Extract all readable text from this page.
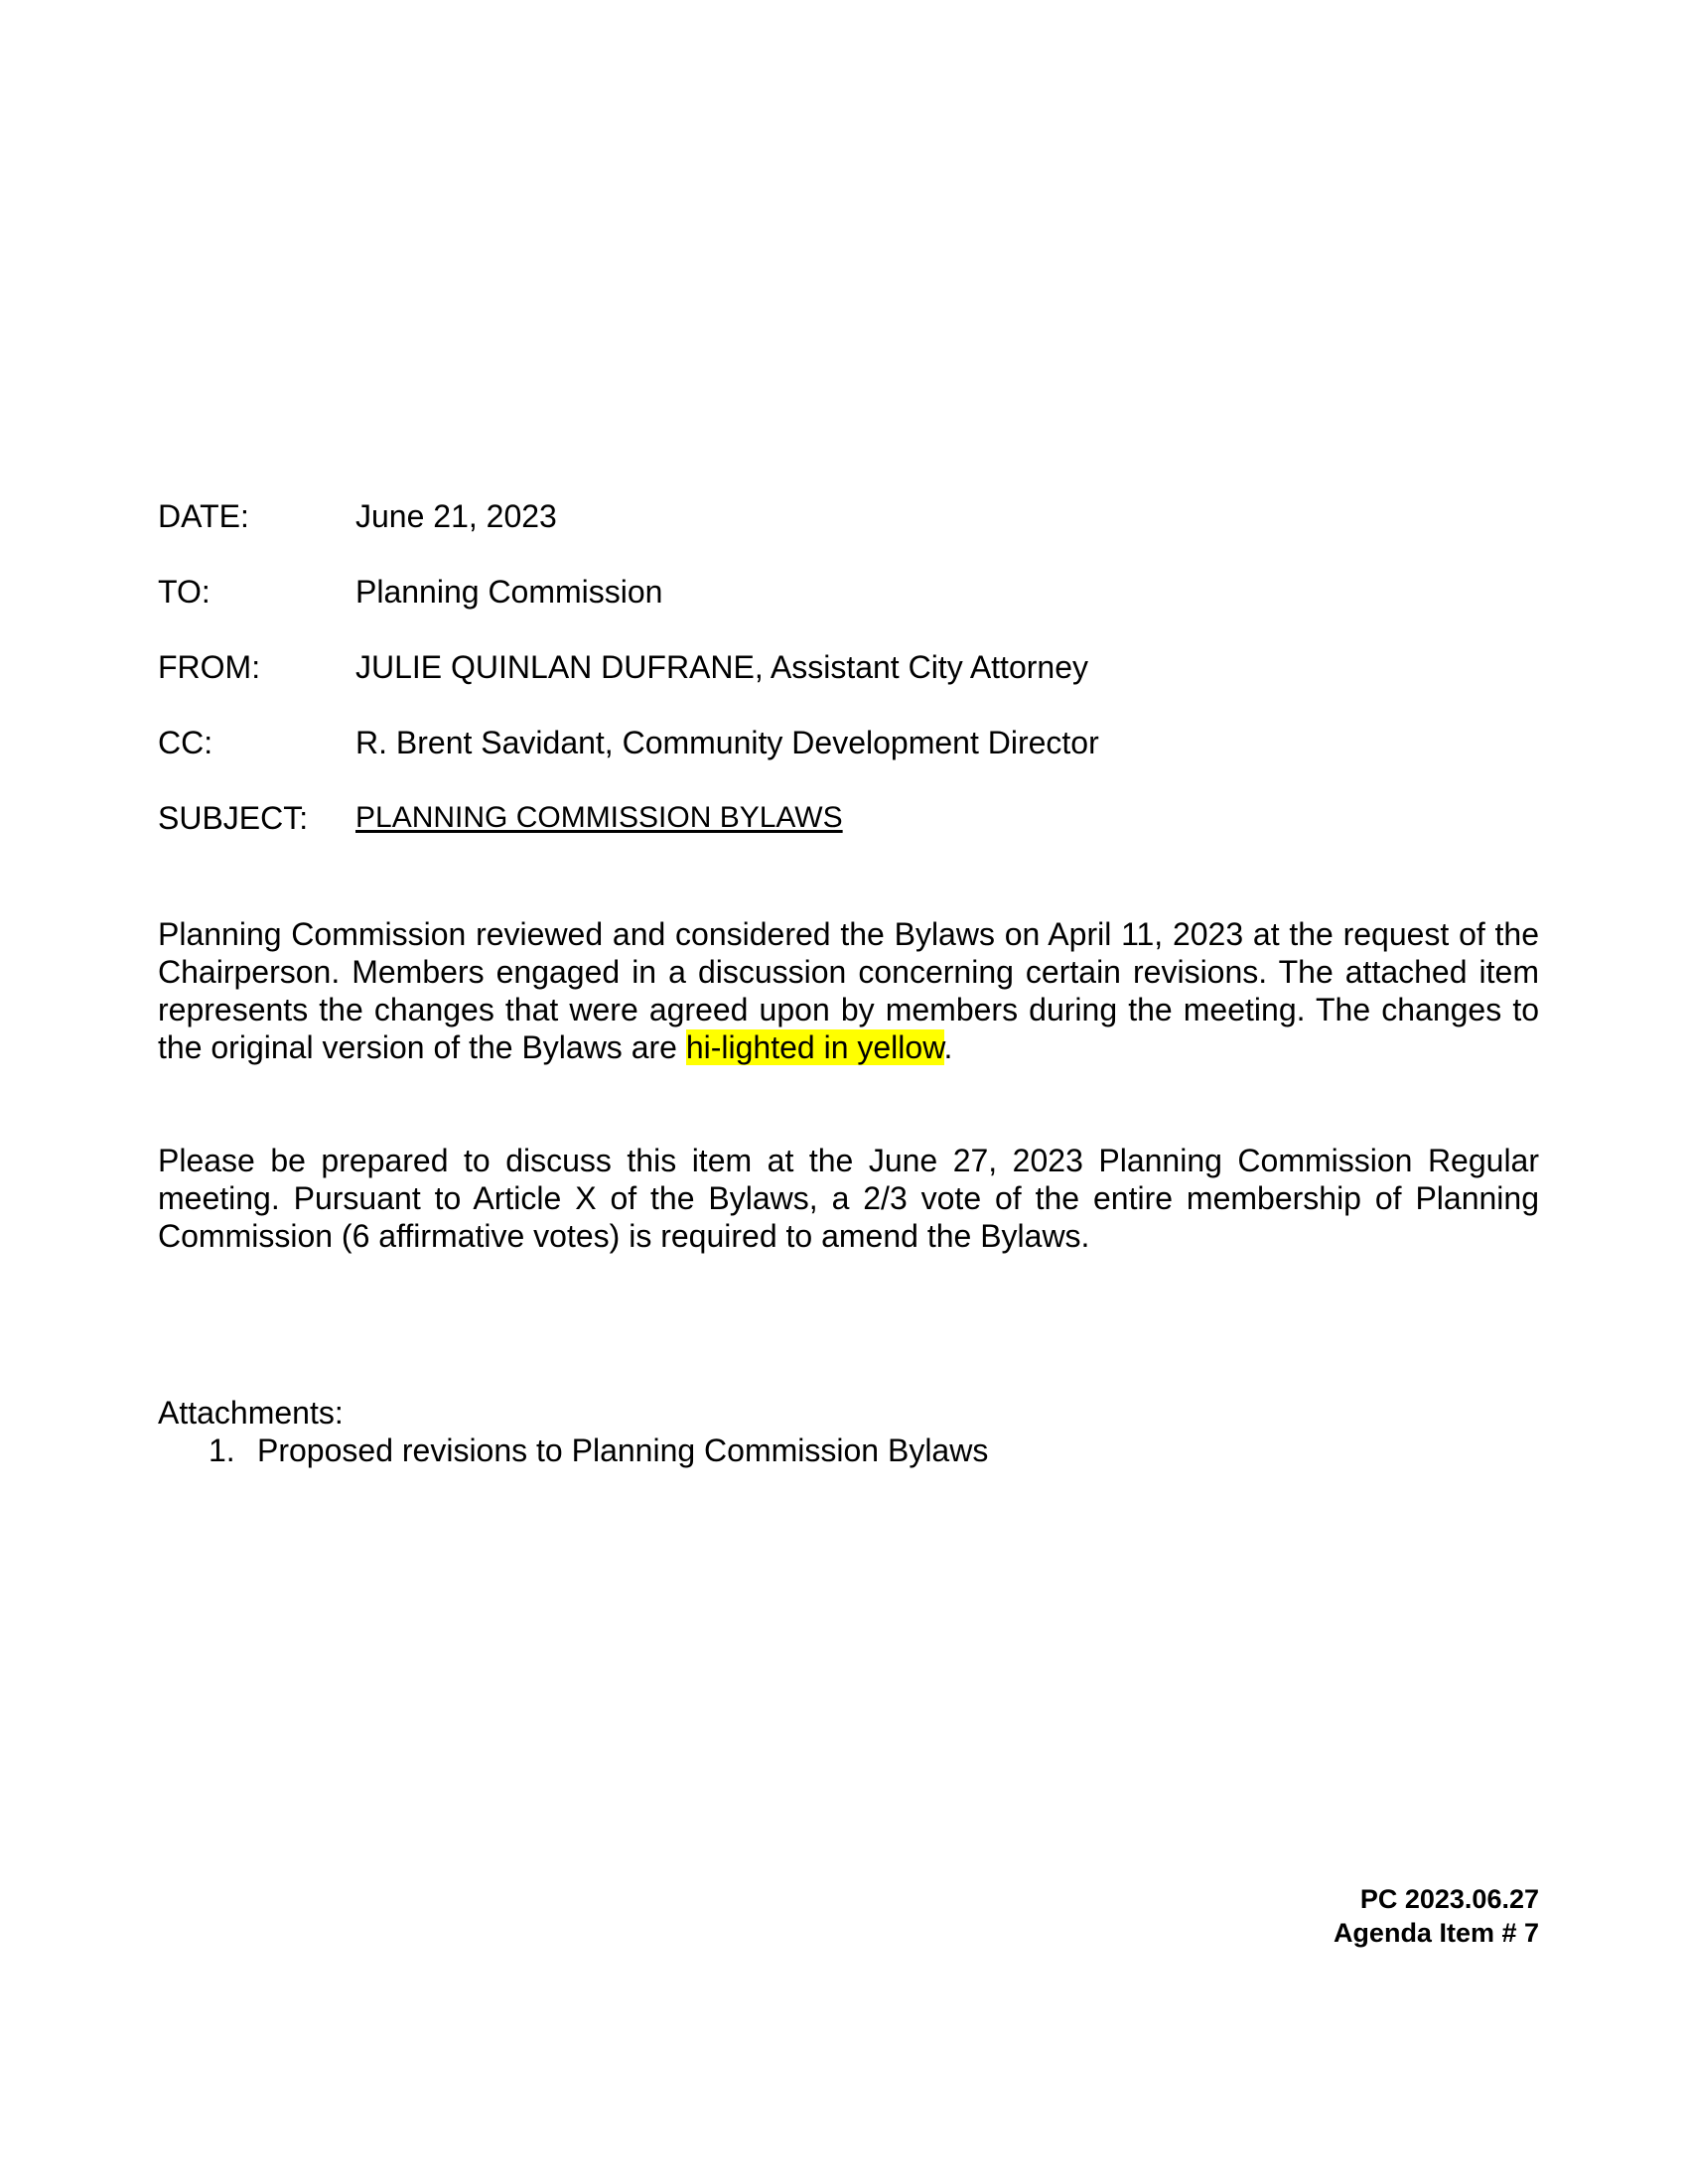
DATE:	June 21, 2023
TO:	Planning Commission
FROM:	JULIE QUINLAN DUFRANE, Assistant City Attorney
CC:	R. Brent Savidant, Community Development Director
SUBJECT: PLANNING COMMISSION BYLAWS

Planning Commission reviewed and considered the Bylaws on April 11, 2023 at the request of the Chairperson. Members engaged in a discussion concerning certain revisions. The attached item represents the changes that were agreed upon by members during the meeting. The changes to the original version of the Bylaws are hi-lighted in yellow.

Please be prepared to discuss this item at the June 27, 2023 Planning Commission Regular meeting. Pursuant to Article X of the Bylaws, a 2/3 vote of the entire membership of Planning Commission (6 affirmative votes) is required to amend the Bylaws.

Attachments:
1. Proposed revisions to Planning Commission Bylaws
PC 2023.06.27
Agenda Item # 7
